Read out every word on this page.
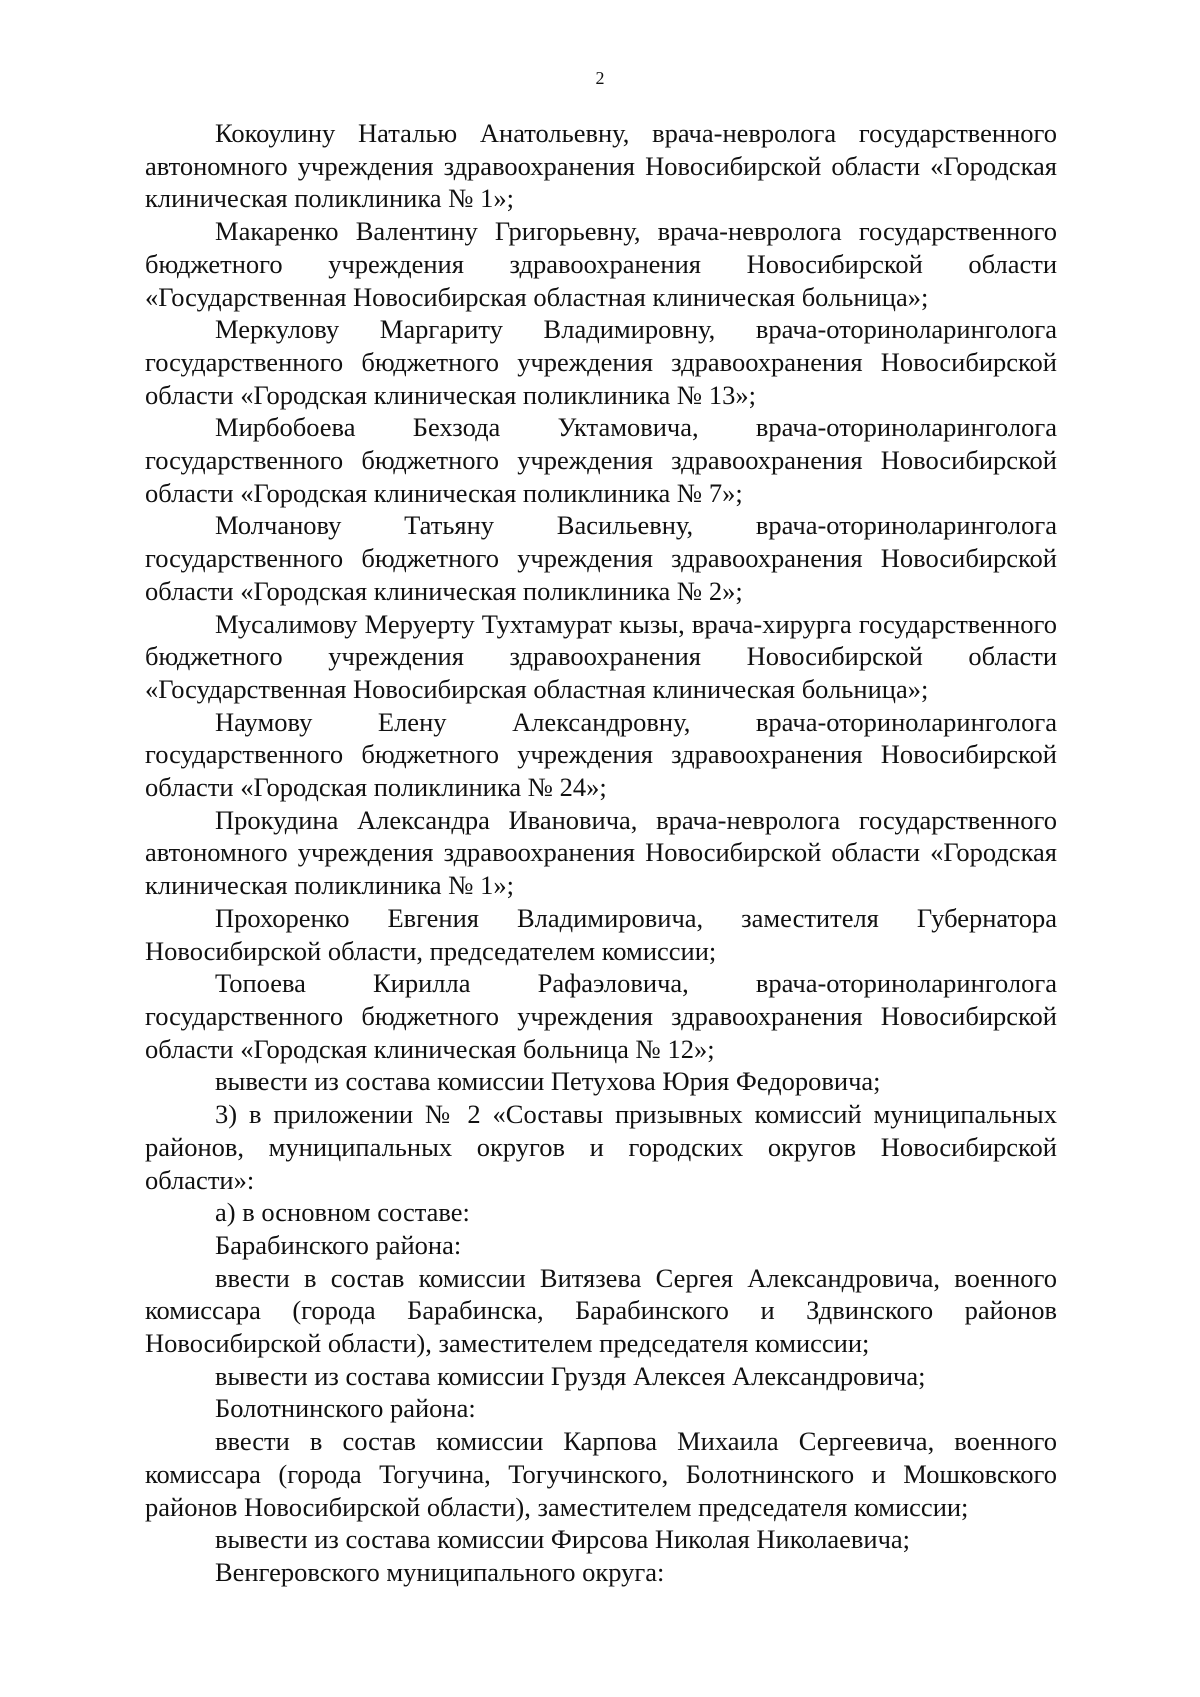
2

Кокоулину Наталью Анатольевну, врача-невролога государственного автономного учреждения здравоохранения Новосибирской области «Городская клиническая поликлиника № 1»;

Макаренко Валентину Григорьевну, врача-невролога государственного бюджетного учреждения здравоохранения Новосибирской области «Государственная Новосибирская областная клиническая больница»;

Меркулову Маргариту Владимировну, врача-оториноларинголога государственного бюджетного учреждения здравоохранения Новосибирской области «Городская клиническая поликлиника № 13»;

Мирбобоева Бехзода Уктамовича, врача-оториноларинголога государственного бюджетного учреждения здравоохранения Новосибирской области «Городская клиническая поликлиника № 7»;

Молчанову Татьяну Васильевну, врача-оториноларинголога государственного бюджетного учреждения здравоохранения Новосибирской области «Городская клиническая поликлиника № 2»;

Мусалимову Меруерту Тухтамурат кызы, врача-хирурга государственного бюджетного учреждения здравоохранения Новосибирской области «Государственная Новосибирская областная клиническая больница»;

Наумову Елену Александровну, врача-оториноларинголога государственного бюджетного учреждения здравоохранения Новосибирской области «Городская поликлиника № 24»;

Прокудина Александра Ивановича, врача-невролога государственного автономного учреждения здравоохранения Новосибирской области «Городская клиническая поликлиника № 1»;

Прохоренко Евгения Владимировича, заместителя Губернатора Новосибирской области, председателем комиссии;

Топоева Кирилла Рафаэловича, врача-оториноларинголога государственного бюджетного учреждения здравоохранения Новосибирской области «Городская клиническая больница № 12»;

вывести из состава комиссии Петухова Юрия Федоровича;

3) в приложении № 2 «Составы призывных комиссий муниципальных районов, муниципальных округов и городских округов Новосибирской области»:

а) в основном составе:

Барабинского района:

ввести в состав комиссии Витязева Сергея Александровича, военного комиссара (города Барабинска, Барабинского и Здвинского районов Новосибирской области), заместителем председателя комиссии;

вывести из состава комиссии Груздя Алексея Александровича;

Болотнинского района:

ввести в состав комиссии Карпова Михаила Сергеевича, военного комиссара (города Тогучина, Тогучинского, Болотнинского и Мошковского районов Новосибирской области), заместителем председателя комиссии;

вывести из состава комиссии Фирсова Николая Николаевича;

Венгеровского муниципального округа:
